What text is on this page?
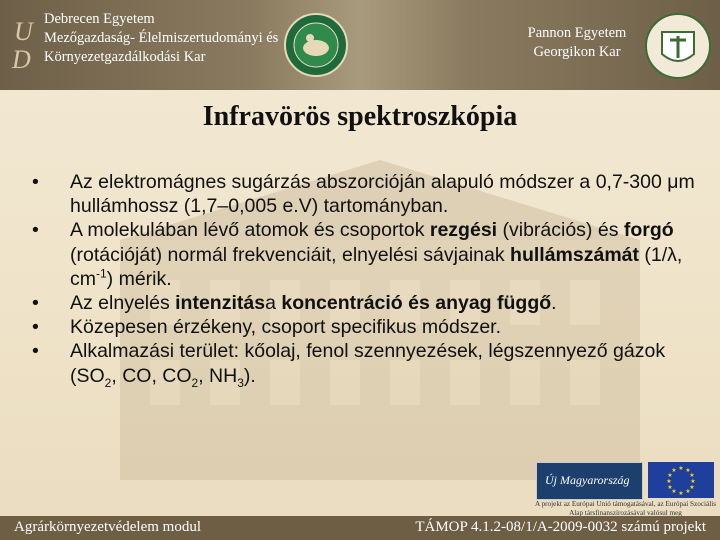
U
D
Debrecen Egyetem
Mezőgazdaság- Élelmiszertudományi és
Környezetgazdálkodási Kar
Pannon Egyetem
Georgikon Kar
Infravörös spektroszkópia
• Az elektromágnes sugárzás abszorcióján alapuló módszer a 0,7-300 μm hullámhossz (1,7–0,005 e.V) tartományban.
• A molekulában lévő atomok és csoportok rezgési (vibrációs) és forgó (rotációját) normál frekvenciáit, elnyelési sávjainak hullámszámát (1/λ, $cm^{-1}$) mérik.
• Az elnyelés intenzitása koncentráció és anyag függő.
• Közepesen érzékeny, csoport specifikus módszer.
• Alkalmazási terület: kőolaj, fenol szennyezések, légszennyező gázok ($SO_2$, CO, $CO_2$, $NH_3$).
Új Magyarország
★ ★
★
★
★
★
★
★
★
★
★
★
A projekt az Európai Unió támogatásával, az Európai Szociális Alap társfinanszírozásával valósul meg
Agrárkörnyezetvédelem modul	TÁMOP 4.1.2-08/1/A-2009-0032 számú projekt
